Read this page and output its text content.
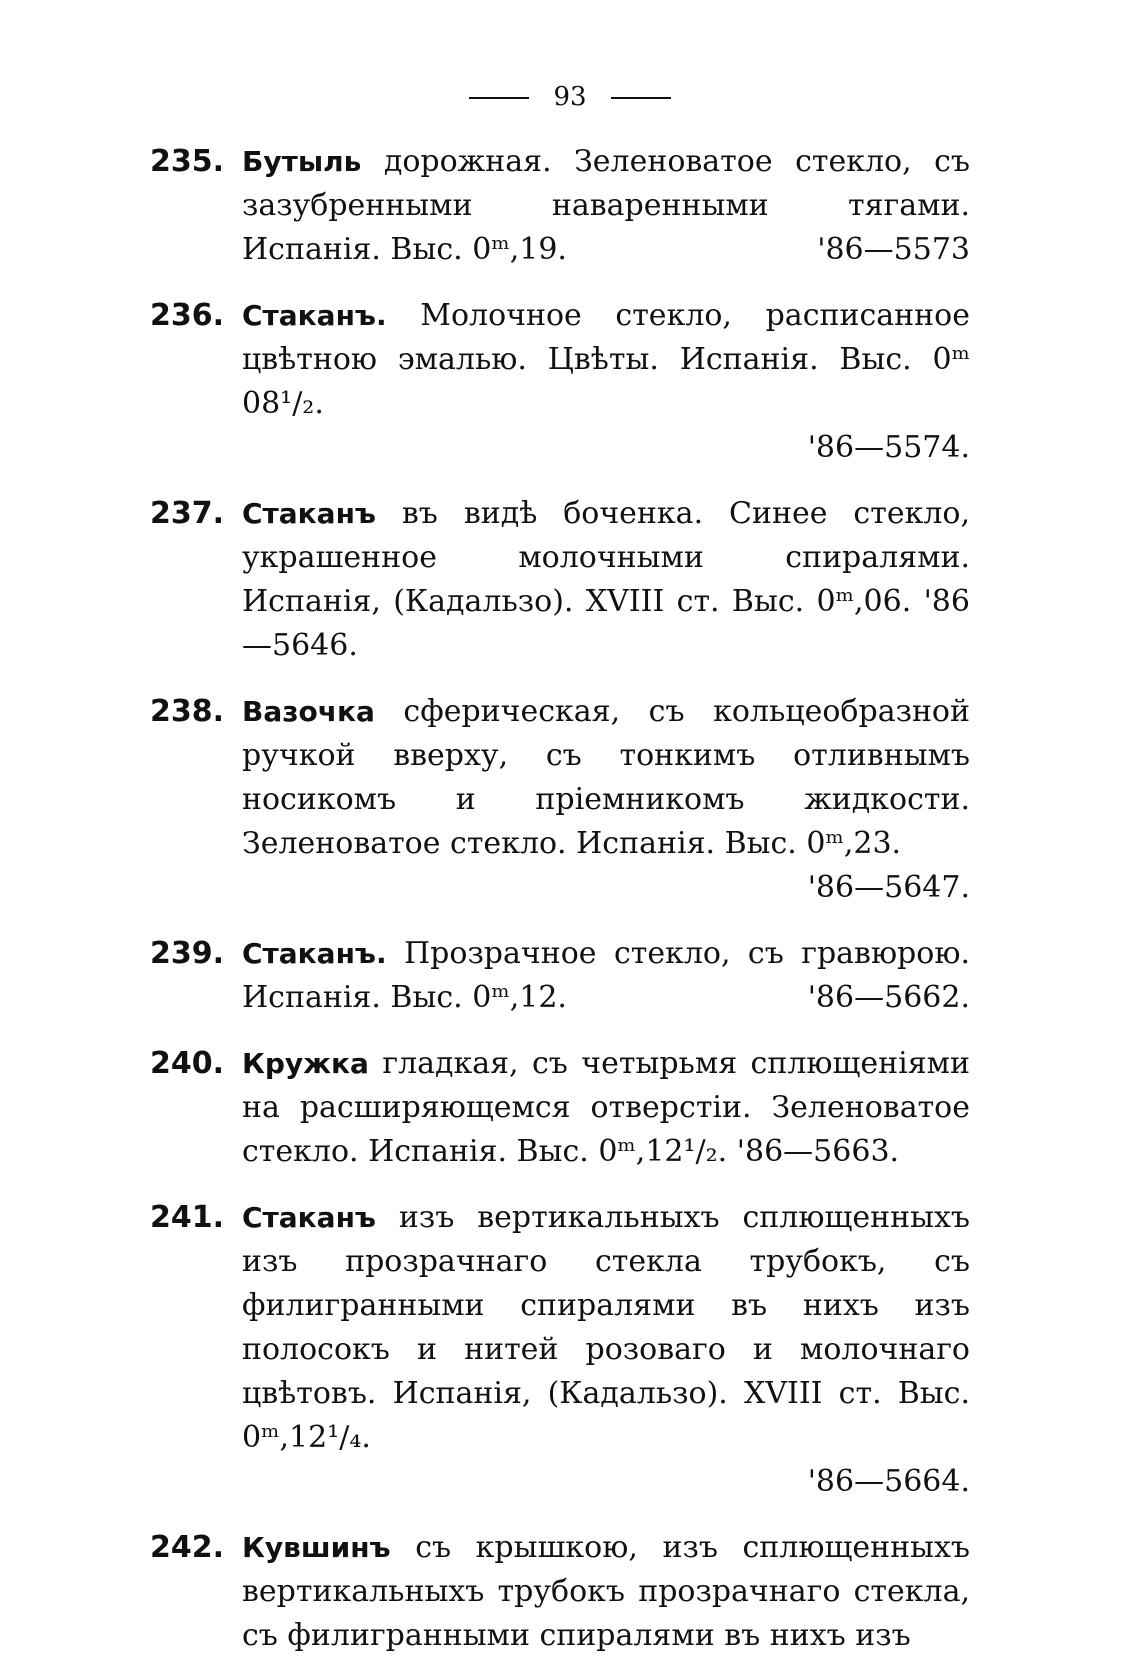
93
235. Бутыль дорожная. Зеленоватое стекло, съ зазубренными наваренными тягами. Испанія. Выс. 0ᵐ,19.	'86—5573
236. Стаканъ. Молочное стекло, расписанное цвѣтною эмалью. Цвѣты. Испанія. Выс. 0ᵐ 08¹/₂.
'86—5574.
237. Стаканъ въ видѣ боченка. Синее стекло, украшенное молочными спиралями. Испанія, (Кадальзо). XVIII ст. Выс. 0ᵐ,06. '86—5646.
238. Вазочка сферическая, съ кольцеобразной ручкой вверху, съ тонкимъ отливнымъ носикомъ и пріемникомъ жидкости. Зеленоватое стекло. Испанія. Выс. 0ᵐ,23.
'86—5647.
239. Стаканъ. Прозрачное стекло, съ гравюрою. Испанія. Выс. 0ᵐ,12.	'86—5662.
240. Кружка гладкая, съ четырьмя сплющеніями на расширяющемся отверстіи. Зеленоватое стекло. Испанія. Выс. 0ᵐ,12¹/₂. '86—5663.
241. Стаканъ изъ вертикальныхъ сплющенныхъ изъ прозрачнаго стекла трубокъ, съ филигранными спиралями въ нихъ изъ полосокъ и нитей розоваго и молочнаго цвѣтовъ. Испанія, (Кадальзо). XVIII ст. Выс. 0ᵐ,12¹/₄.
'86—5664.
242. Кувшинъ съ крышкою, изъ сплющенныхъ вертикальныхъ трубокъ прозрачнаго стекла, съ филигранными спиралями въ нихъ изъ
